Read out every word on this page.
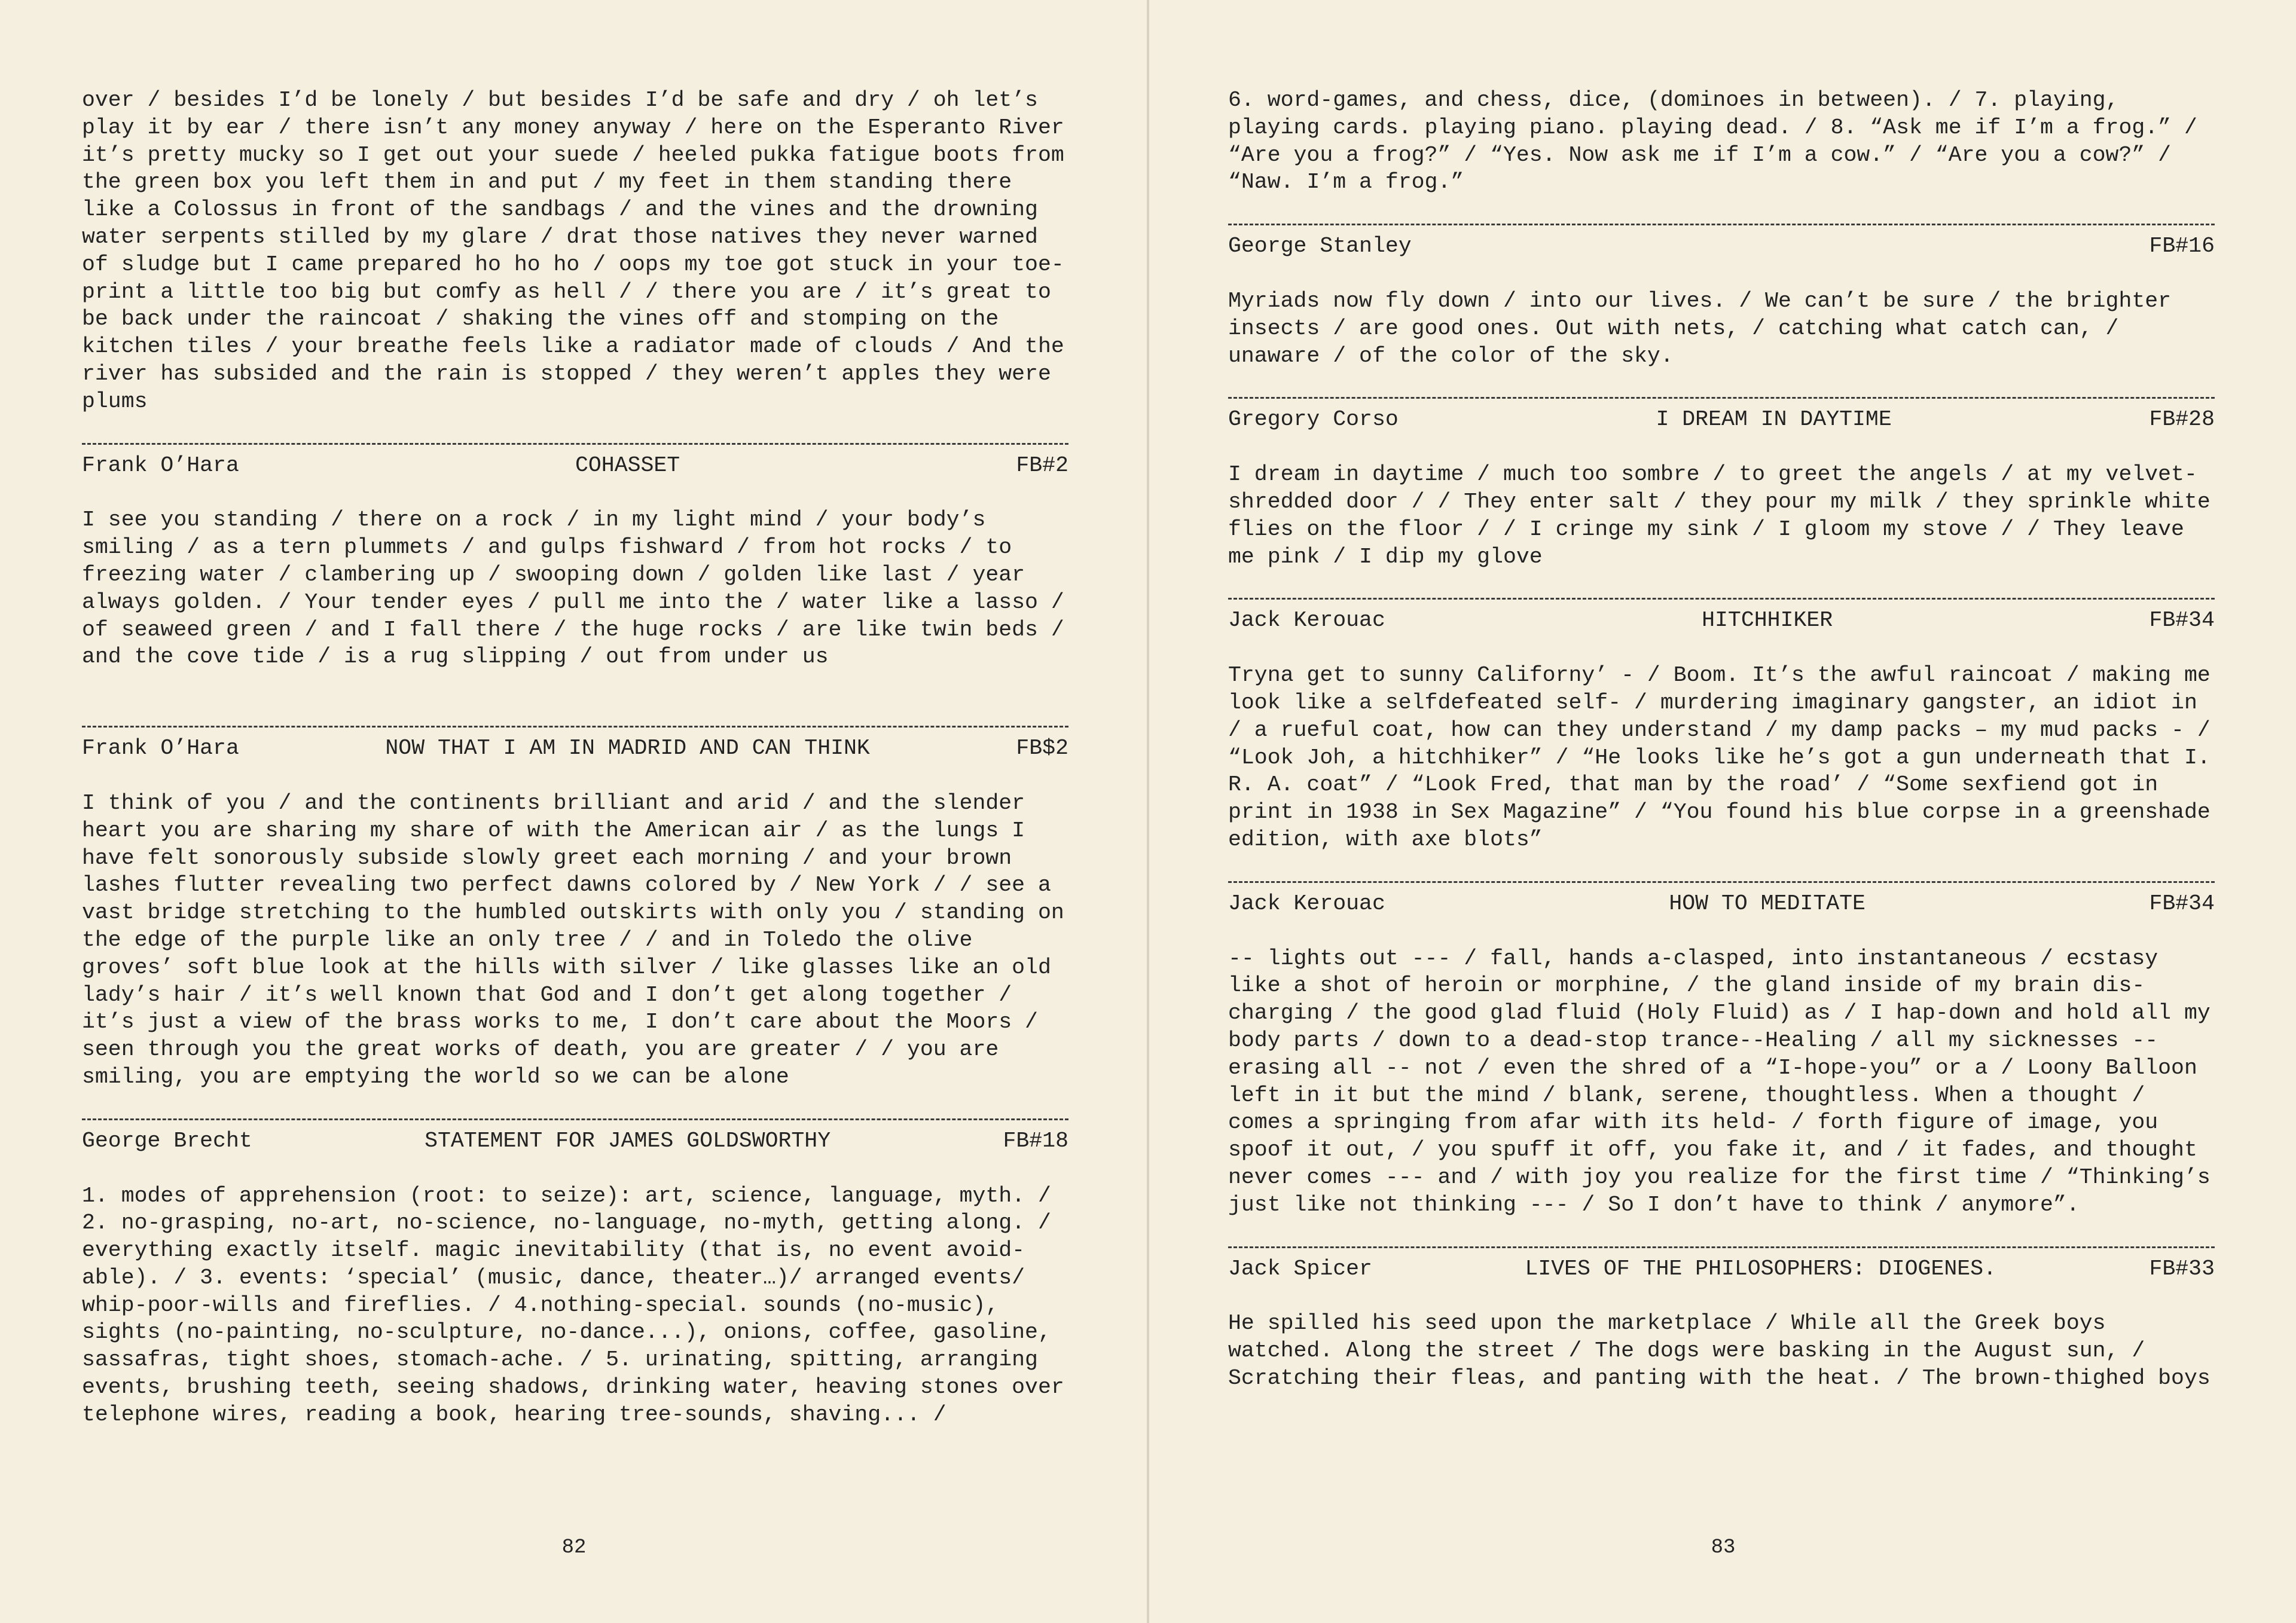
over / besides I’d be lonely / but besides I’d be safe and dry / oh let’s play it by ear / there isn’t any money anyway / here on the Esperanto River it’s pretty mucky so I get out your suede / heeled pukka fatigue boots from the green box you left them in and put / my feet in them standing there like a Colossus in front of the sandbags / and the vines and the drowning water serpents stilled by my glare / drat those natives they never warned of sludge but I came prepared ho ho ho / oops my toe got stuck in your toe-print a little too big but comfy as hell / / there you are / it’s great to be back under the raincoat / shaking the vines off and stomping on the kitchen tiles / your breathe feels like a radiator made of clouds / And the river has subsided and the rain is stopped / they weren’t apples they were plums

Frank O’Hara	COHASSET	FB#2

I see you standing / there on a rock / in my light mind / your body’s smiling / as a tern plummets / and gulps fishward / from hot rocks / to freezing water / clambering up / swooping down / golden like last / year always golden. / Your tender eyes / pull me into the / water like a lasso / of seaweed green / and I fall there / the huge rocks / are like twin beds / and the cove tide / is a rug slipping / out from under us

Frank O’Hara	NOW THAT I AM IN MADRID AND CAN THINK	FB$2

I think of you / and the continents brilliant and arid / and the slender heart you are sharing my share of with the American air / as the lungs I have felt sonorously subside slowly greet each morning / and your brown lashes flutter revealing two perfect dawns colored by / New York / / see a vast bridge stretching to the humbled outskirts with only you / standing on the edge of the purple like an only tree / / and in Toledo the olive groves’ soft blue look at the hills with silver / like glasses like an old lady’s hair / it’s well known that God and I don’t get along together / it’s just a view of the brass works to me, I don’t care about the Moors / seen through you the great works of death, you are greater / / you are smiling, you are emptying the world so we can be alone

George Brecht	STATEMENT FOR JAMES GOLDSWORTHY	FB#18

1. modes of apprehension (root: to seize): art, science, language, myth. / 2. no-grasping, no-art, no-science, no-language, no-myth, getting along. / everything exactly itself. magic inevitability (that is, no event avoid-able). / 3. events: ‘special’ (music, dance, theater…)/ arranged events/ whip-poor-wills and fireflies. / 4.nothing-special. sounds (no-music), sights (no-painting, no-sculpture, no-dance...), onions, coffee, gasoline, sassafras, tight shoes, stomach-ache. / 5. urinating, spitting, arranging events, brushing teeth, seeing shadows, drinking water, heaving stones over telephone wires, reading a book, hearing tree-sounds, shaving... /

82

6. word-games, and chess, dice, (dominoes in between). / 7. playing, playing cards. playing piano. playing dead. / 8. “Ask me if I’m a frog.” / “Are you a frog?” / “Yes. Now ask me if I’m a cow.” / “Are you a cow?” / “Naw. I’m a frog.”

George Stanley	FB#16

Myriads now fly down / into our lives. / We can’t be sure / the brighter insects / are good ones. Out with nets, / catching what catch can, / unaware / of the color of the sky.

Gregory Corso	I DREAM IN DAYTIME	FB#28

I dream in daytime / much too sombre / to greet the angels / at my velvet-shredded door / / They enter salt / they pour my milk / they sprinkle white flies on the floor / / I cringe my sink / I gloom my stove / / They leave me pink / I dip my glove

Jack Kerouac	HITCHHIKER	FB#34

Tryna get to sunny Californy’ - / Boom. It’s the awful raincoat / making me look like a selfdefeated self- / murdering imaginary gangster, an idiot in / a rueful coat, how can they understand / my damp packs – my mud packs - / “Look Joh, a hitchhiker” / “He looks like he’s got a gun underneath that I. R. A. coat” / “Look Fred, that man by the road’ / “Some sexfiend got in print in 1938 in Sex Magazine” / “You found his blue corpse in a greenshade edition, with axe blots”

Jack Kerouac	HOW TO MEDITATE	FB#34

-- lights out --- / fall, hands a-clasped, into instantaneous / ecstasy like a shot of heroin or morphine, / the gland inside of my brain dis-charging / the good glad fluid (Holy Fluid) as / I hap-down and hold all my body parts / down to a dead-stop trance--Healing / all my sicknesses -- erasing all -- not / even the shred of a “I-hope-you” or a / Loony Balloon left in it but the mind / blank, serene, thoughtless. When a thought / comes a springing from afar with its held- / forth figure of image, you spoof it out, / you spuff it off, you fake it, and / it fades, and thought never comes --- and / with joy you realize for the first time / “Thinking’s just like not thinking --- / So I don’t have to think / anymore”.

Jack Spicer	LIVES OF THE PHILOSOPHERS: DIOGENES.	FB#33

He spilled his seed upon the marketplace / While all the Greek boys watched. Along the street / The dogs were basking in the August sun, / Scratching their fleas, and panting with the heat. / The brown-thighed boys

83
